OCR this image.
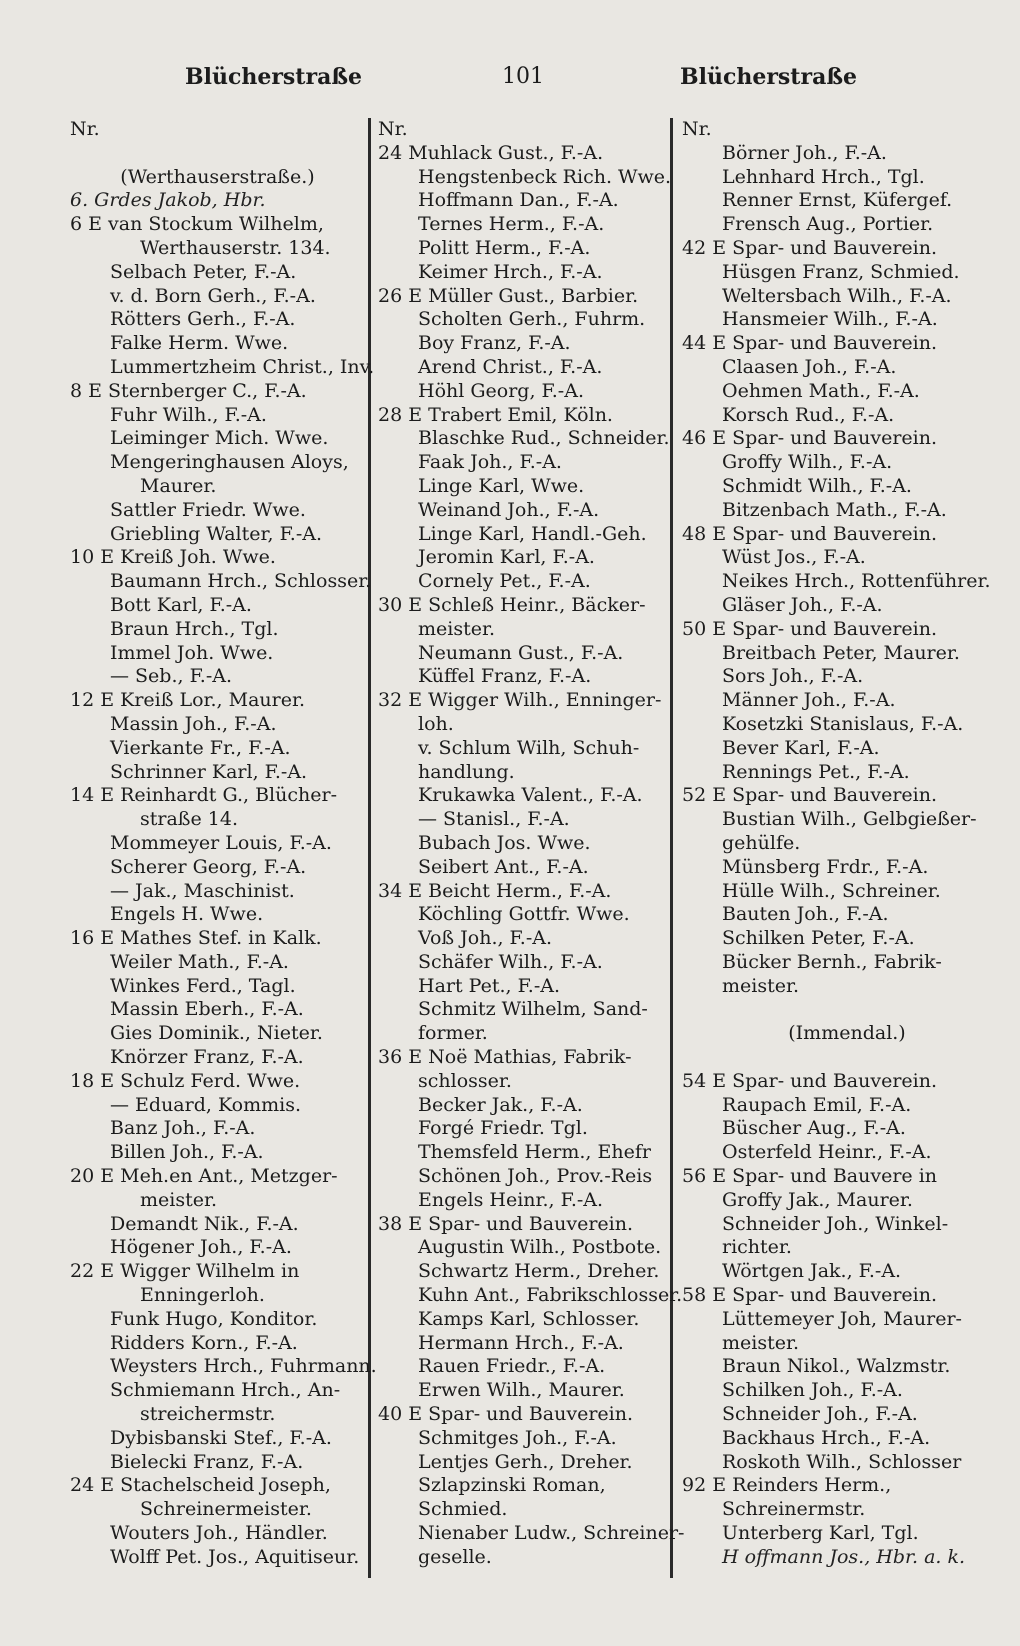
Blücherstraße	101	Blücherstraße
Nr.
(Werthauserstraße.)
6. Grdes Jakob, Hbr.
6 E van Stockum Wilhelm,
Werthauserstr. 134.
Selbach Peter, F.-A.
v. d. Born Gerh., F.-A.
Rötters Gerh., F.-A.
Falke Herm. Wwe.
Lummertzheim Christ., Inv.
8 E Sternberger C., F.-A.
Fuhr Wilh., F.-A.
Leiminger Mich. Wwe.
Mengeringhausen Aloys,
Maurer.
Sattler Friedr. Wwe.
Griebling Walter, F.-A.
10 E Kreiß Joh. Wwe.
Baumann Hrch., Schlosser.
Bott Karl, F.-A.
Braun Hrch., Tgl.
Immel Joh. Wwe.
— Seb., F.-A.
12 E Kreiß Lor., Maurer.
Massin Joh., F.-A.
Vierkante Fr., F.-A.
Schrinner Karl, F.-A.
14 E Reinhardt G., Blücher-
straße 14.
Mommeyer Louis, F.-A.
Scherer Georg, F.-A.
— Jak., Maschinist.
Engels H. Wwe.
16 E Mathes Stef. in Kalk.
Weiler Math., F.-A.
Winkes Ferd., Tagl.
Massin Eberh., F.-A.
Gies Dominik., Nieter.
Knörzer Franz, F.-A.
18 E Schulz Ferd. Wwe.
— Eduard, Kommis.
Banz Joh., F.-A.
Billen Joh., F.-A.
20 E Meh.en Ant., Metzger-
meister.
Demandt Nik., F.-A.
Högener Joh., F.-A.
22 E Wigger Wilhelm in
Enningerloh.
Funk Hugo, Konditor.
Ridders Korn., F.-A.
Weysters Hrch., Fuhrmann.
Schmiemann Hrch., An-
streichermstr.
Dybisbanski Stef., F.-A.
Bielecki Franz, F.-A.
24 E Stachelscheid Joseph,
Schreinermeister.
Wouters Joh., Händler.
Wolff Pet. Jos., Aquitiseur.
Nr.
24 Muhlack Gust., F.-A.
Hengstenbeck Rich. Wwe.
Hoffmann Dan., F.-A.
Ternes Herm., F.-A.
Politt Herm., F.-A.
Keimer Hrch., F.-A.
26 E Müller Gust., Barbier.
Scholten Gerh., Fuhrm.
Boy Franz, F.-A.
Arend Christ., F.-A.
Höhl Georg, F.-A.
28 E Trabert Emil, Köln.
Blaschke Rud., Schneider.
Faak Joh., F.-A.
Linge Karl, Wwe.
Weinand Joh., F.-A.
Linge Karl, Handl.-Geh.
Jeromin Karl, F.-A.
Cornely Pet., F.-A.
30 E Schleß Heinr., Bäcker-
meister.
Neumann Gust., F.-A.
Küffel Franz, F.-A.
32 E Wigger Wilh., Enninger-
loh.
v. Schlum Wilh, Schuh-
handlung.
Krukawka Valent., F.-A.
— Stanisl., F.-A.
Bubach Jos. Wwe.
Seibert Ant., F.-A.
34 E Beicht Herm., F.-A.
Köchling Gottfr. Wwe.
Voß Joh., F.-A.
Schäfer Wilh., F.-A.
Hart Pet., F.-A.
Schmitz Wilhelm, Sand-
former.
36 E Noë Mathias, Fabrik-
schlosser.
Becker Jak., F.-A.
Forgé Friedr. Tgl.
Themsfeld Herm., Ehefr
Schönen Joh., Prov.-Reis
Engels Heinr., F.-A.
38 E Spar- und Bauverein.
Augustin Wilh., Postbote.
Schwartz Herm., Dreher.
Kuhn Ant., Fabrikschlosser.
Kamps Karl, Schlosser.
Hermann Hrch., F.-A.
Rauen Friedr., F.-A.
Erwen Wilh., Maurer.
40 E Spar- und Bauverein.
Schmitges Joh., F.-A.
Lentjes Gerh., Dreher.
Szlapzinski Roman,
Schmied.
Nienaber Ludw., Schreiner-
geselle.
Nr.
Börner Joh., F.-A.
Lehnhard Hrch., Tgl.
Renner Ernst, Küfergef.
Frensch Aug., Portier.
42 E Spar- und Bauverein.
Hüsgen Franz, Schmied.
Weltersbach Wilh., F.-A.
Hansmeier Wilh., F.-A.
44 E Spar- und Bauverein.
Claasen Joh., F.-A.
Oehmen Math., F.-A.
Korsch Rud., F.-A.
46 E Spar- und Bauverein.
Groffy Wilh., F.-A.
Schmidt Wilh., F.-A.
Bitzenbach Math., F.-A.
48 E Spar- und Bauverein.
Wüst Jos., F.-A.
Neikes Hrch., Rottenführer.
Gläser Joh., F.-A.
50 E Spar- und Bauverein.
Breitbach Peter, Maurer.
Sors Joh., F.-A.
Männer Joh., F.-A.
Kosetzki Stanislaus, F.-A.
Bever Karl, F.-A.
Rennings Pet., F.-A.
52 E Spar- und Bauverein.
Bustian Wilh., Gelbgießer-
gehülfe.
Münsberg Frdr., F.-A.
Hülle Wilh., Schreiner.
Bauten Joh., F.-A.
Schilken Peter, F.-A.
Bücker Bernh., Fabrik-
meister.
(Immendal.)
54 E Spar- und Bauverein.
Raupach Emil, F.-A.
Büscher Aug., F.-A.
Osterfeld Heinr., F.-A.
56 E Spar- und Bauvere in
Groffy Jak., Maurer.
Schneider Joh., Winkel-
richter.
Wörtgen Jak., F.-A.
58 E Spar- und Bauverein.
Lüttemeyer Joh, Maurer-
meister.
Braun Nikol., Walzmstr.
Schilken Joh., F.-A.
Schneider Joh., F.-A.
Backhaus Hrch., F.-A.
Roskoth Wilh., Schlosser
92 E Reinders Herm.,
Schreinermstr.
Unterberg Karl, Tgl.
H offmann Jos., Hbr. a. k.
